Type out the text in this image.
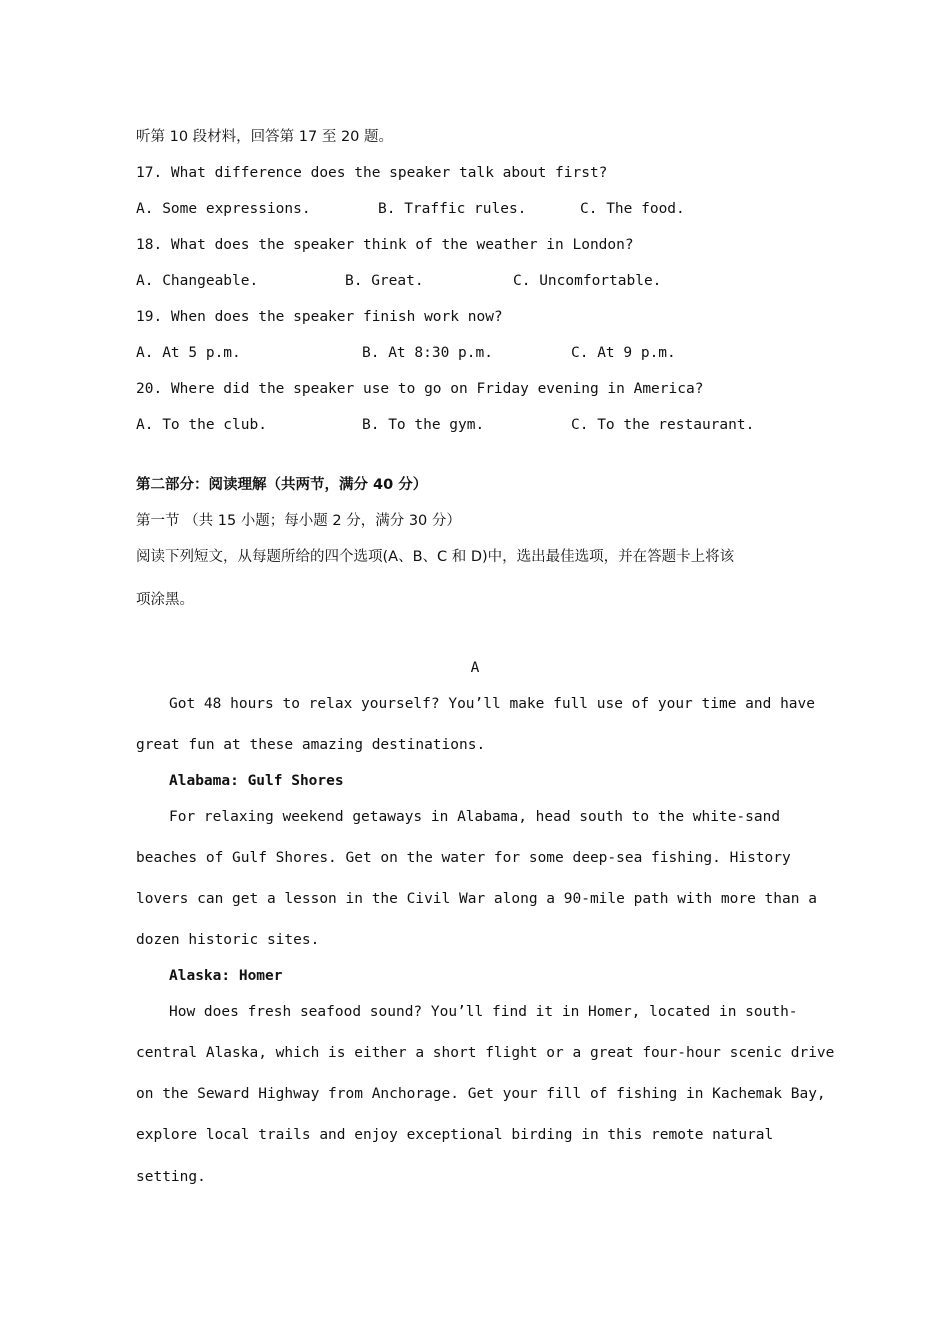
听第 10 段材料，回答第 17 至 20 题。
17. What difference does the speaker talk about first?
A. Some expressions.	B. Traffic rules.	C. The food.
18. What does the speaker think of the weather in London?
A. Changeable.	B. Great.	C. Uncomfortable.
19. When does the speaker finish work now?
A. At 5 p.m.	B. At 8:30 p.m.	C. At 9 p.m.
20. Where did the speaker use to go on Friday evening in America?
A. To the club.	B. To the gym.	C. To the restaurant.
第二部分：阅读理解（共两节，满分 40 分）
第一节 （共 15 小题；每小题 2 分，满分 30 分）
阅读下列短文，从每题所给的四个选项(A、B、C 和 D)中，选出最佳选项，并在答题卡上将该
项涂黑。
A
Got 48 hours to relax yourself? You’ll make full use of your time and have
great fun at these amazing destinations.
Alabama: Gulf Shores
For relaxing weekend getaways in Alabama, head south to the white-sand
beaches of Gulf Shores. Get on the water for some deep-sea fishing. History
lovers can get a lesson in the Civil War along a 90-mile path with more than a
dozen historic sites.
Alaska: Homer
How does fresh seafood sound? You’ll find it in Homer, located in south-
central Alaska, which is either a short flight or a great four-hour scenic drive
on the Seward Highway from Anchorage. Get your fill of fishing in Kachemak Bay,
explore local trails and enjoy exceptional birding in this remote natural
setting.
